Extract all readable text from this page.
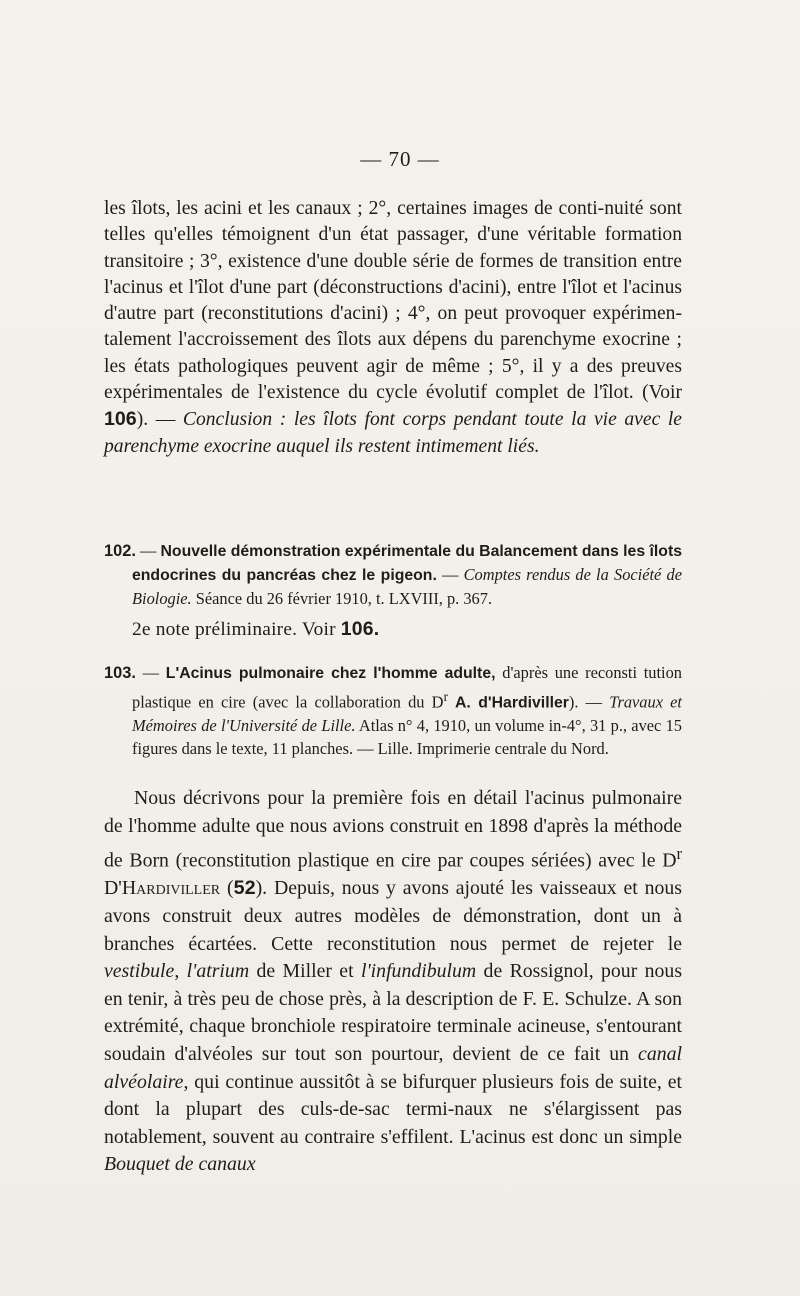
— 70 —
les îlots, les acini et les canaux ; 2°, certaines images de conti-nuité sont telles qu'elles témoignent d'un état passager, d'une véritable formation transitoire ; 3°, existence d'une double série de formes de transition entre l'acinus et l'îlot d'une part (déconstructions d'acini), entre l'îlot et l'acinus d'autre part (reconstitutions d'acini) ; 4°, on peut provoquer expérimen-talement l'accroissement des îlots aux dépens du parenchyme exocrine ; les états pathologiques peuvent agir de même ; 5°, il y a des preuves expérimentales de l'existence du cycle évolutif complet de l'îlot. (Voir 106). — Conclusion : les îlots font corps pendant toute la vie avec le parenchyme exocrine auquel ils restent intimement liés.
102. — Nouvelle démonstration expérimentale du Balancement dans les îlots endocrines du pancréas chez le pigeon. — Comptes rendus de la Société de Biologie. Séance du 26 février 1910, t. LXVIII, p. 367.
2e note préliminaire. Voir 106.
103. — L'Acinus pulmonaire chez l'homme adulte, d'après une reconsti tution plastique en cire (avec la collaboration du $D^r$ A. d'Hardiviller). — Travaux et Mémoires de l'Université de Lille. Atlas n° 4, 1910, un volume in-4°, 31 p., avec 15 figures dans le texte, 11 planches. — Lille. Imprimerie centrale du Nord.
Nous décrivons pour la première fois en détail l'acinus pulmonaire de l'homme adulte que nous avions construit en 1898 d'après la méthode de Born (reconstitution plastique en cire par coupes sériées) avec le $D^r$ D'Hardiviller (52). Depuis, nous y avons ajouté les vaisseaux et nous avons construit deux autres modèles de démonstration, dont un à branches écartées. Cette reconstitution nous permet de rejeter le vestibule, l'atrium de Miller et l'infundibulum de Rossignol, pour nous en tenir, à très peu de chose près, à la description de F. E. Schulze. A son extrémité, chaque bronchiole respiratoire terminale acineuse, s'entourant soudain d'alvéoles sur tout son pourtour, devient de ce fait un canal alvéolaire, qui continue aussitôt à se bifurquer plusieurs fois de suite, et dont la plupart des culs-de-sac termi-naux ne s'élargissent pas notablement, souvent au contraire s'effilent. L'acinus est donc un simple Bouquet de canaux
